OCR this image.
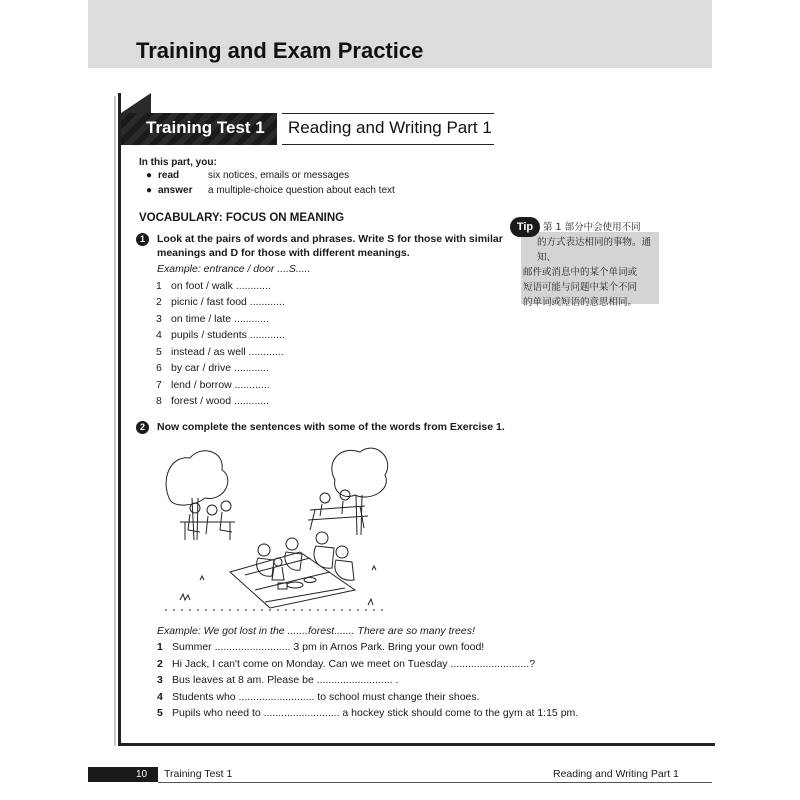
Training and Exam Practice
Training Test 1 Reading and Writing Part 1
In this part, you:
● read	six notices, emails or messages
● answer a multiple-choice question about each text
VOCABULARY: FOCUS ON MEANING
1	Look at the pairs of words and phrases. Write S for those with similar
meanings and D for those with different meanings.
Example: entrance / door ....S.....
1 on foot / walk ............
2 picnic / fast food ............
3 on time / late ............
4 pupils / students ............
5 instead / as well ............
6 by car / drive ............
7 lend / borrow ............
8 forest / wood ............
第 1 部分中会使用不同
的方式表达相同的事物。通知、
邮件或消息中的某个单词或
短语可能与问题中某个不同
的单词或短语的意思相同。
Tip
2	Now complete the sentences with some of the words from Exercise 1.
Example: We got lost in the .......forest....... There are so many trees!
1 Summer .......................... 3 pm in Arnos Park. Bring your own food!
2 Hi Jack, I can't come on Monday. Can we meet on Tuesday ...........................?
3 Bus leaves at 8 am. Please be .......................... .
4 Students who .......................... to school must change their shoes.
5 Pupils who need to .......................... a hockey stick should come to the gym at 1:15 pm.
10 Training Test 1	Reading and Writing Part 1
